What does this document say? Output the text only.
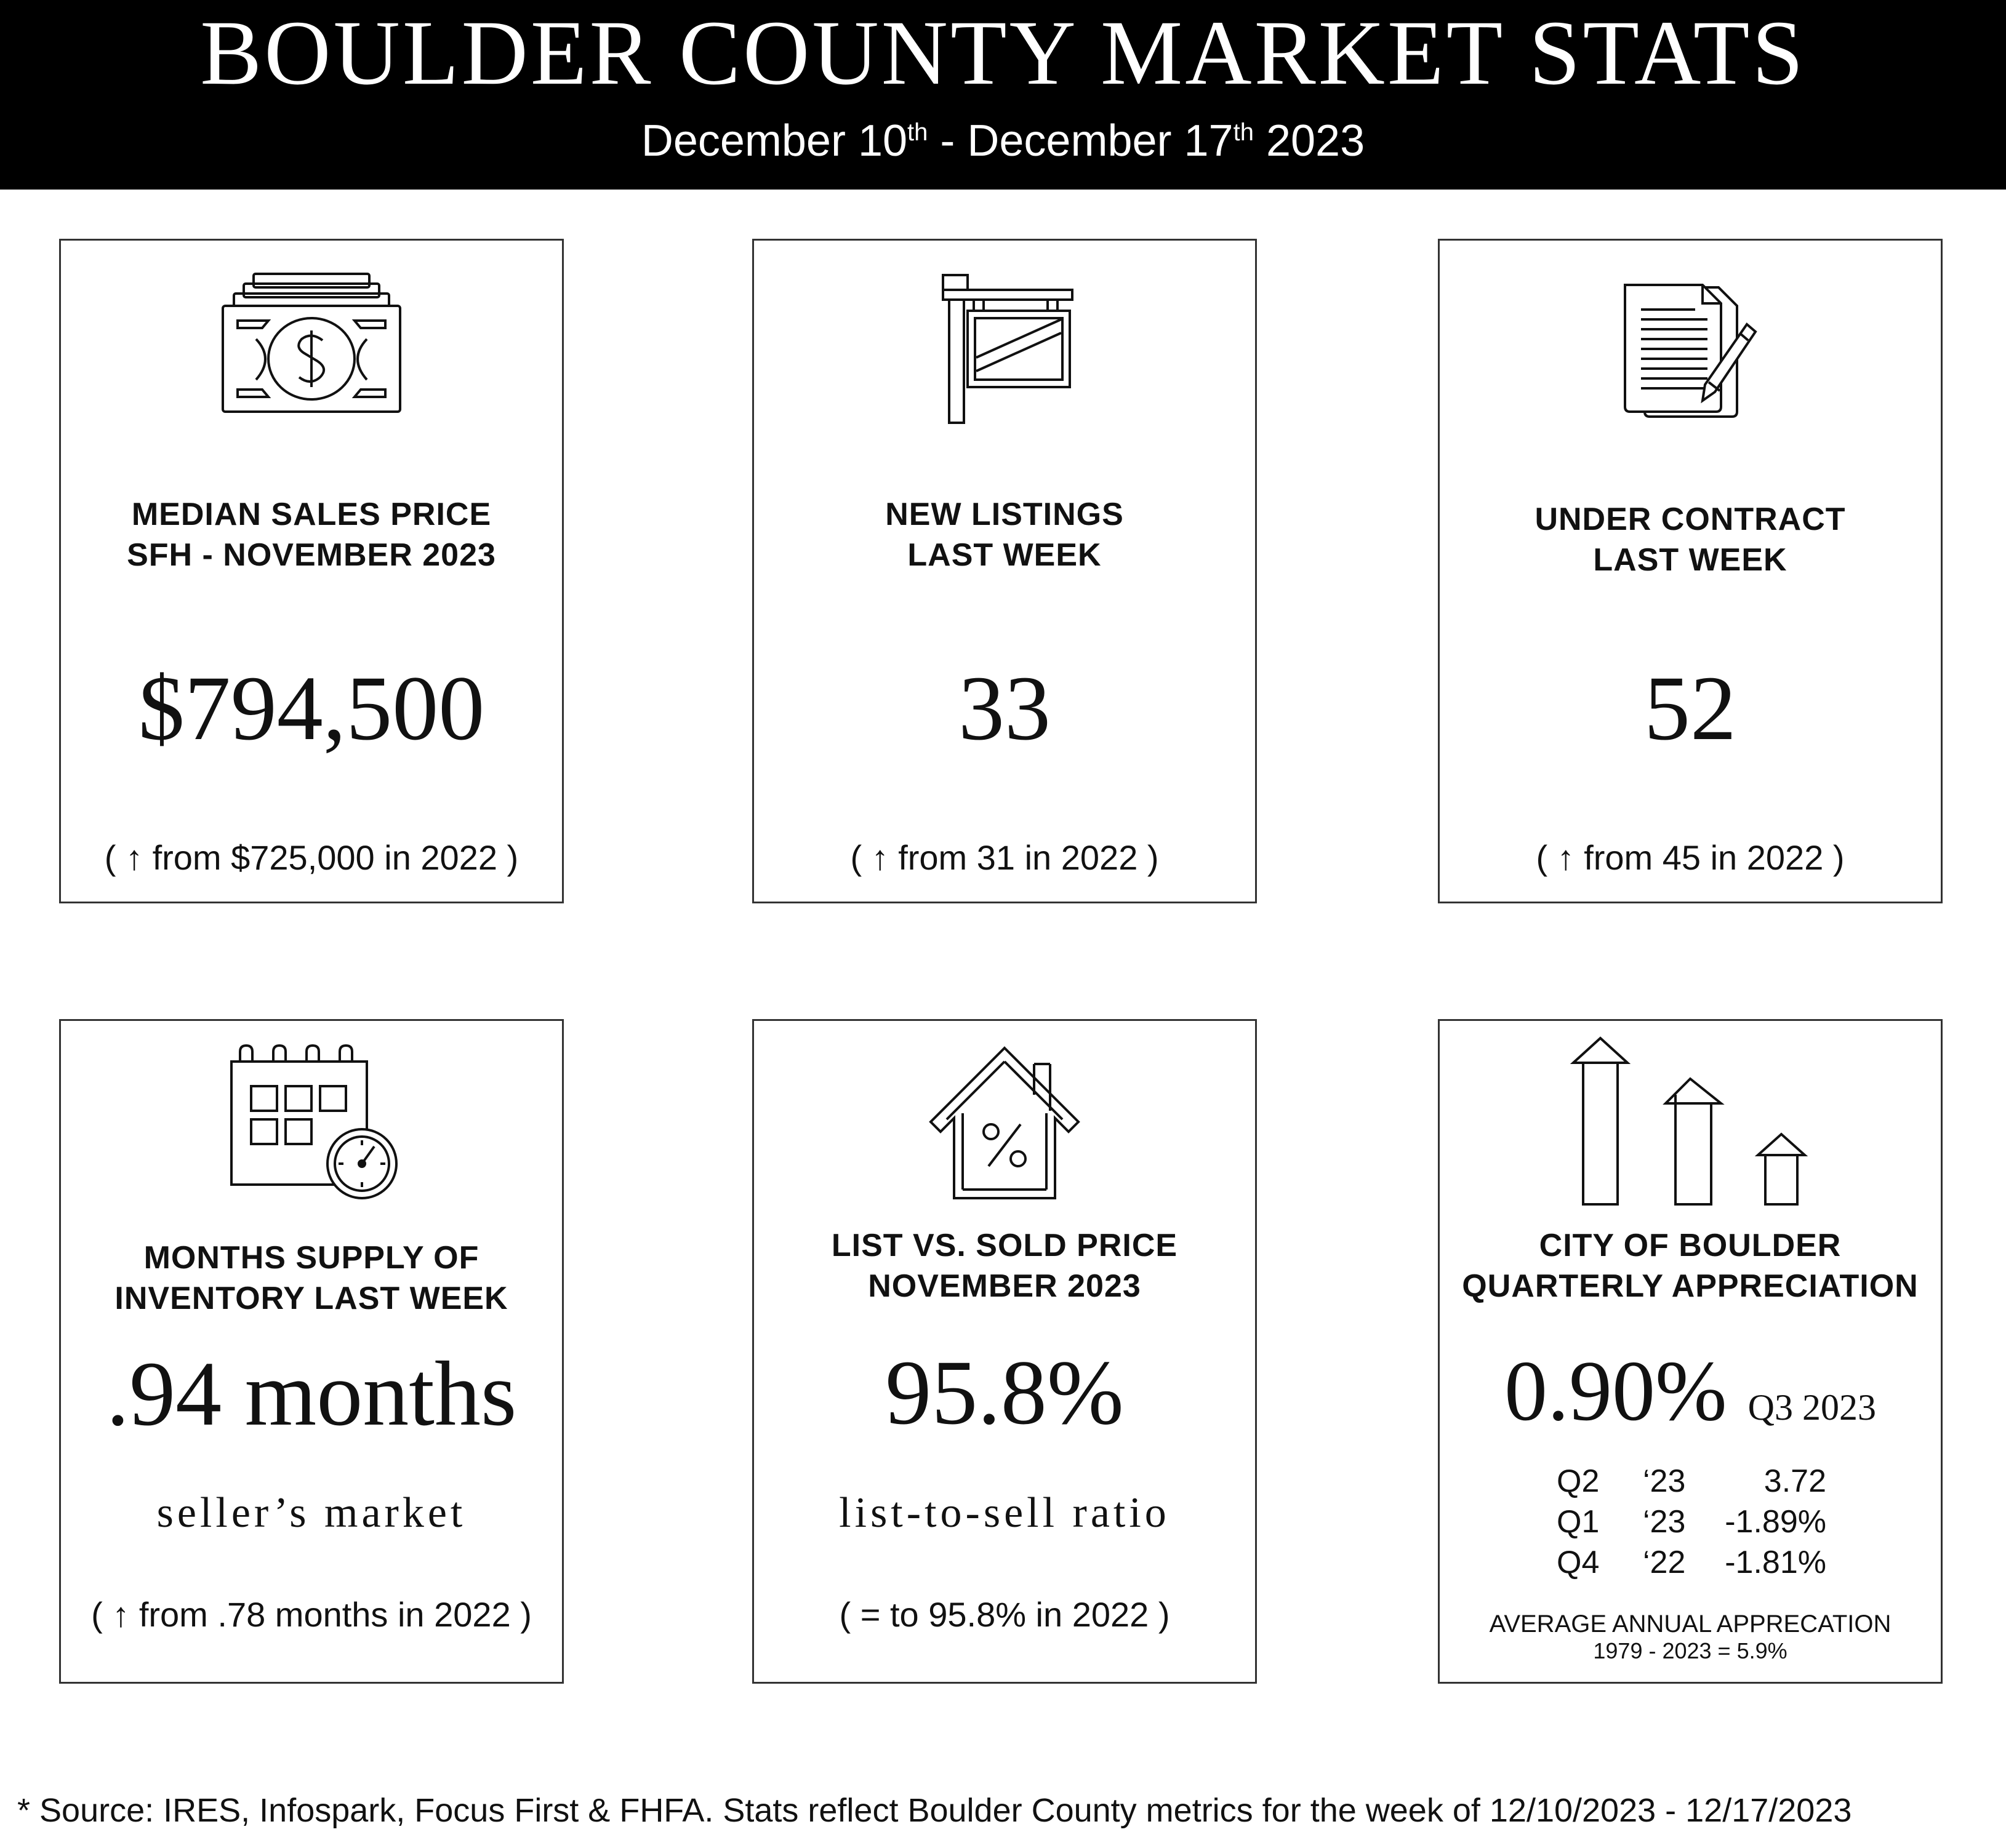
BOULDER COUNTY MARKET STATS
December 10th - December 17th 2023
MEDIAN SALES PRICE
SFH - NOVEMBER 2023
$794,500
( ↑ from $725,000 in 2022 )
NEW LISTINGS
LAST WEEK
33
( ↑ from 31 in 2022 )
UNDER CONTRACT
LAST WEEK
52
( ↑ from 45 in 2022 )
MONTHS SUPPLY OF
INVENTORY LAST WEEK
.94 months
seller’s market
( ↑ from .78 months in 2022 )
LIST VS. SOLD PRICE
NOVEMBER 2023
95.8%
list-to-sell ratio
( = to 95.8% in 2022 )
CITY OF BOULDER
QUARTERLY APPRECIATION
0.90% Q3 2023
Q2 ‘23 3.72
Q1 ‘23 -1.89%
Q4 ‘22 -1.81%
AVERAGE ANNUAL APPRECATION
1979 - 2023 = 5.9%
* Source: IRES, Infospark, Focus First & FHFA. Stats reflect Boulder County metrics for the week of 12/10/2023 - 12/17/2023
